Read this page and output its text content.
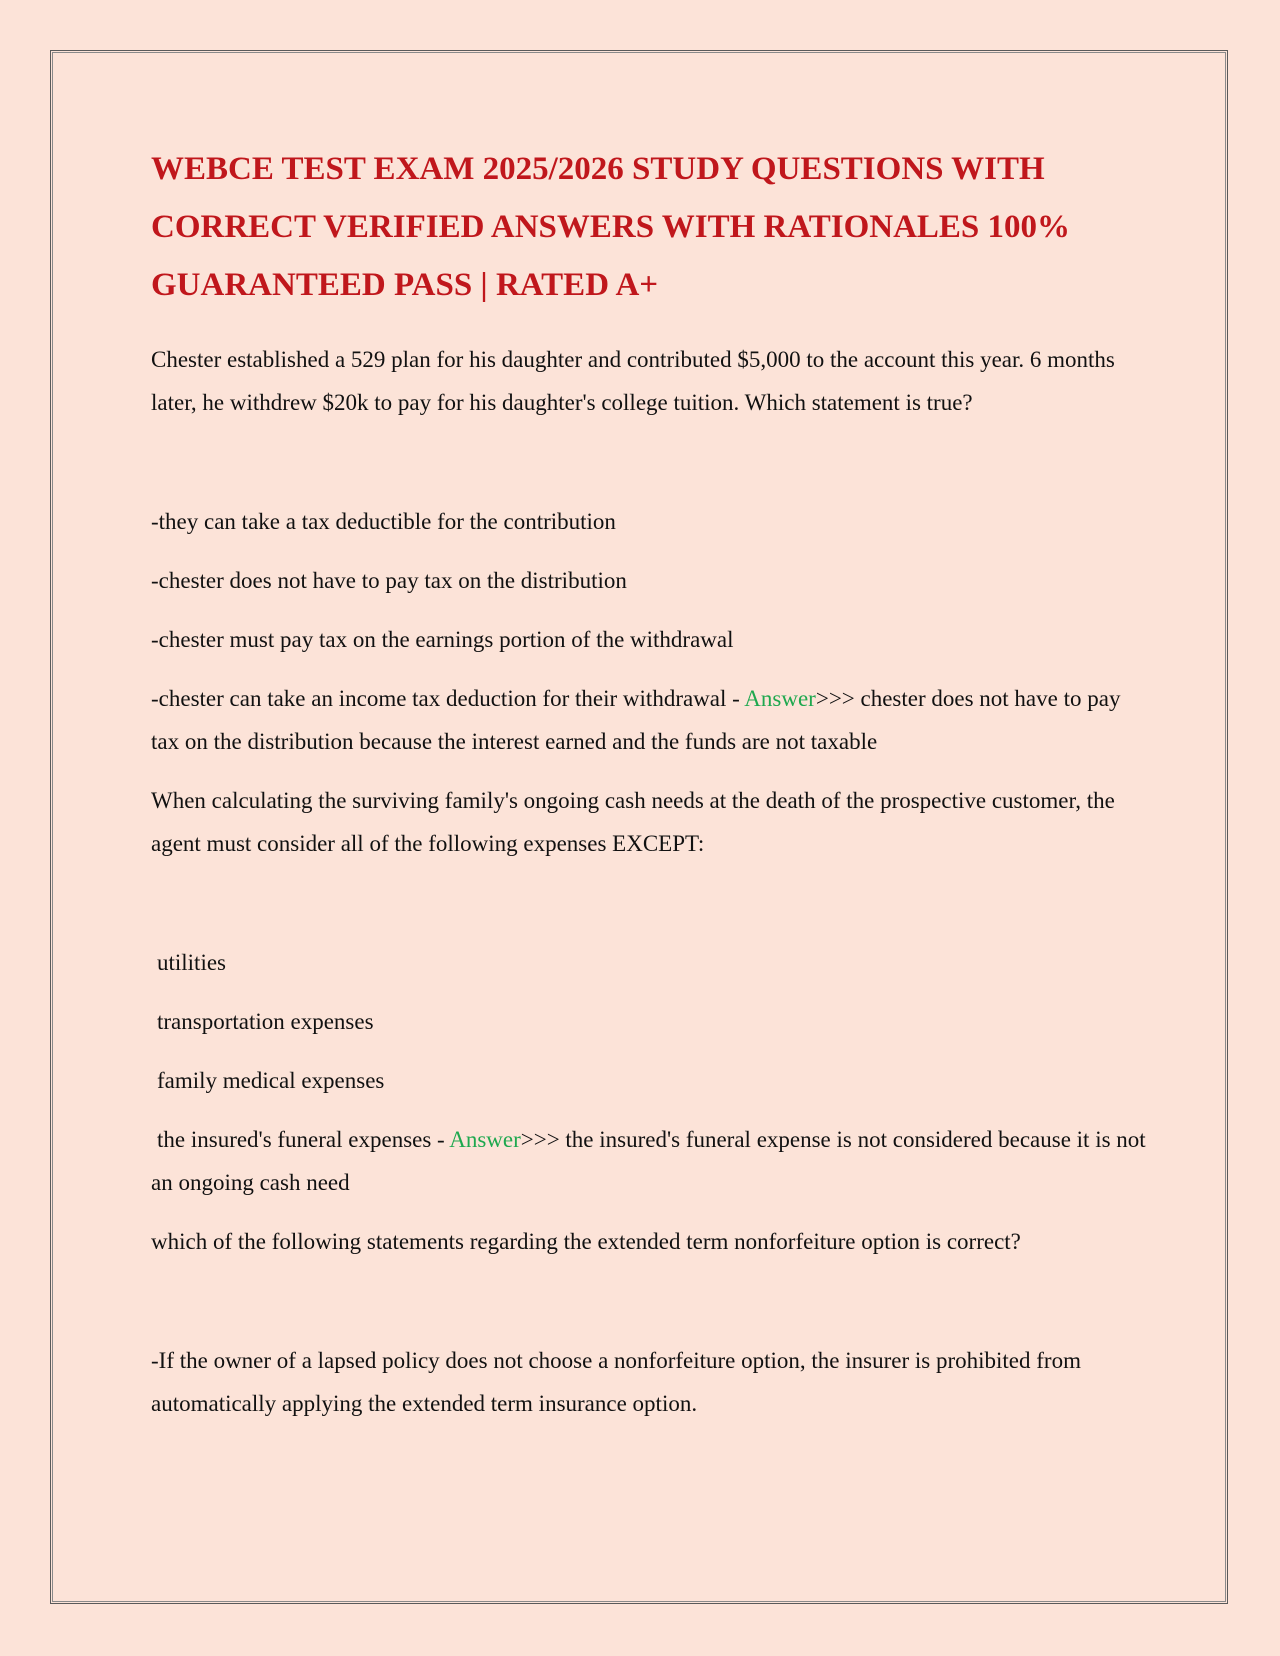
WEBCE TEST EXAM 2025/2026 STUDY QUESTIONS WITH CORRECT VERIFIED ANSWERS WITH RATIONALES 100% GUARANTEED PASS | RATED A+

Chester established a 529 plan for his daughter and contributed $5,000 to the account this year. 6 months later, he withdrew $20k to pay for his daughter's college tuition. Which statement is true?

-they can take a tax deductible for the contribution

-chester does not have to pay tax on the distribution

-chester must pay tax on the earnings portion of the withdrawal

-chester can take an income tax deduction for their withdrawal - Answer>>> chester does not have to pay tax on the distribution because the interest earned and the funds are not taxable

When calculating the surviving family's ongoing cash needs at the death of the prospective customer, the agent must consider all of the following expenses EXCEPT:

utilities

transportation expenses

family medical expenses

the insured's funeral expenses - Answer>>> the insured's funeral expense is not considered because it is not an ongoing cash need

which of the following statements regarding the extended term nonforfeiture option is correct?

-If the owner of a lapsed policy does not choose a nonforfeiture option, the insurer is prohibited from automatically applying the extended term insurance option.
